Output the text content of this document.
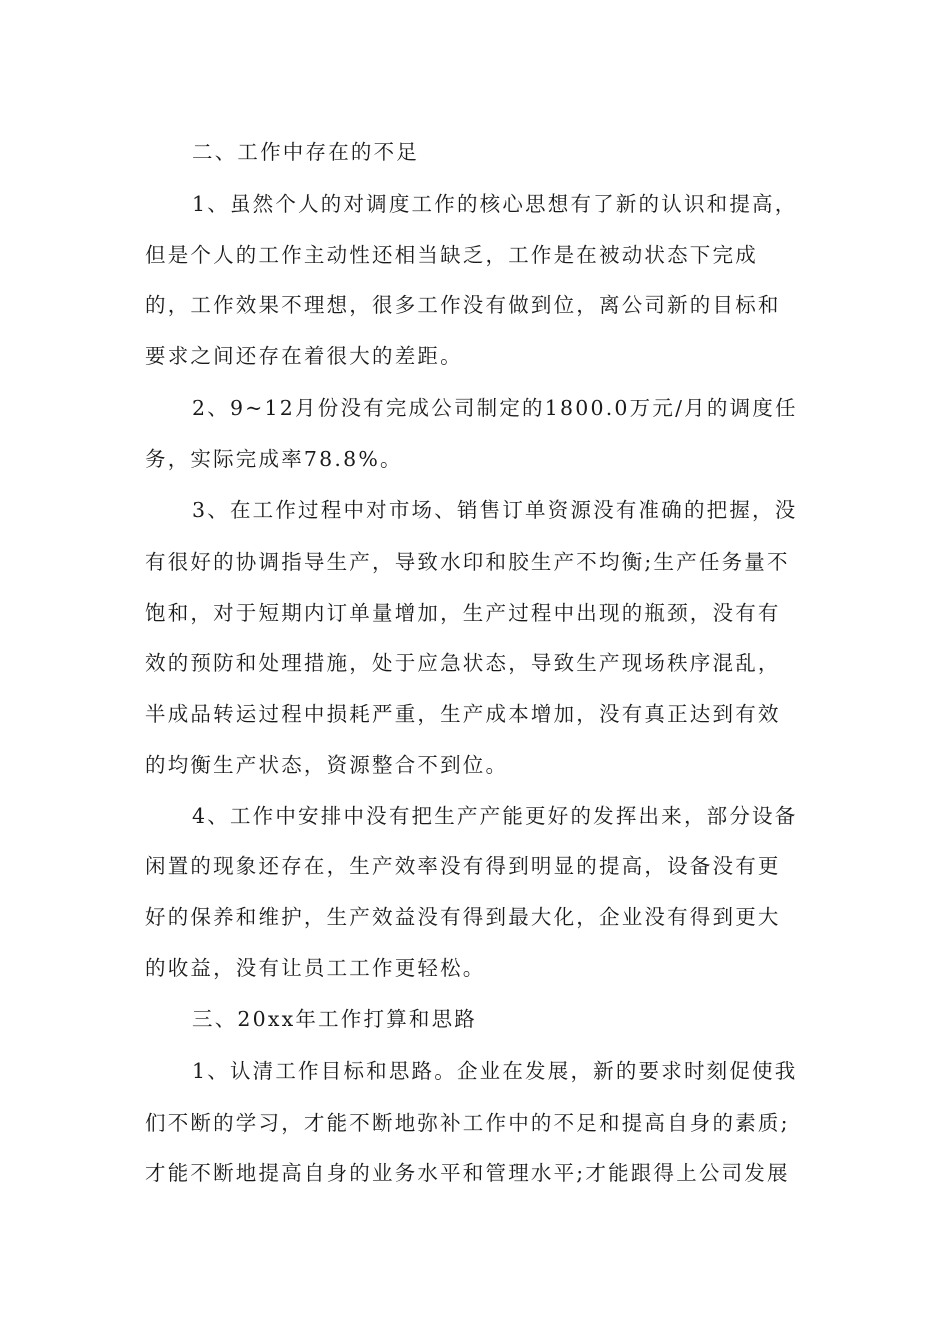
二、工作中存在的不足
1、虽然个人的对调度工作的核心思想有了新的认识和提高，
但是个人的工作主动性还相当缺乏，工作是在被动状态下完成
的，工作效果不理想，很多工作没有做到位，离公司新的目标和
要求之间还存在着很大的差距。
2、9~12月份没有完成公司制定的1800.0万元/月的调度任
务，实际完成率78.8%。
3、在工作过程中对市场、销售订单资源没有准确的把握，没
有很好的协调指导生产，导致水印和胶生产不均衡;生产任务量不
饱和，对于短期内订单量增加，生产过程中出现的瓶颈，没有有
效的预防和处理措施，处于应急状态，导致生产现场秩序混乱，
半成品转运过程中损耗严重，生产成本增加，没有真正达到有效
的均衡生产状态，资源整合不到位。
4、工作中安排中没有把生产产能更好的发挥出来，部分设备
闲置的现象还存在，生产效率没有得到明显的提高，设备没有更
好的保养和维护，生产效益没有得到最大化，企业没有得到更大
的收益，没有让员工工作更轻松。
三、20xx年工作打算和思路
1、认清工作目标和思路。企业在发展，新的要求时刻促使我
们不断的学习，才能不断地弥补工作中的不足和提高自身的素质;
才能不断地提高自身的业务水平和管理水平;才能跟得上公司发展
